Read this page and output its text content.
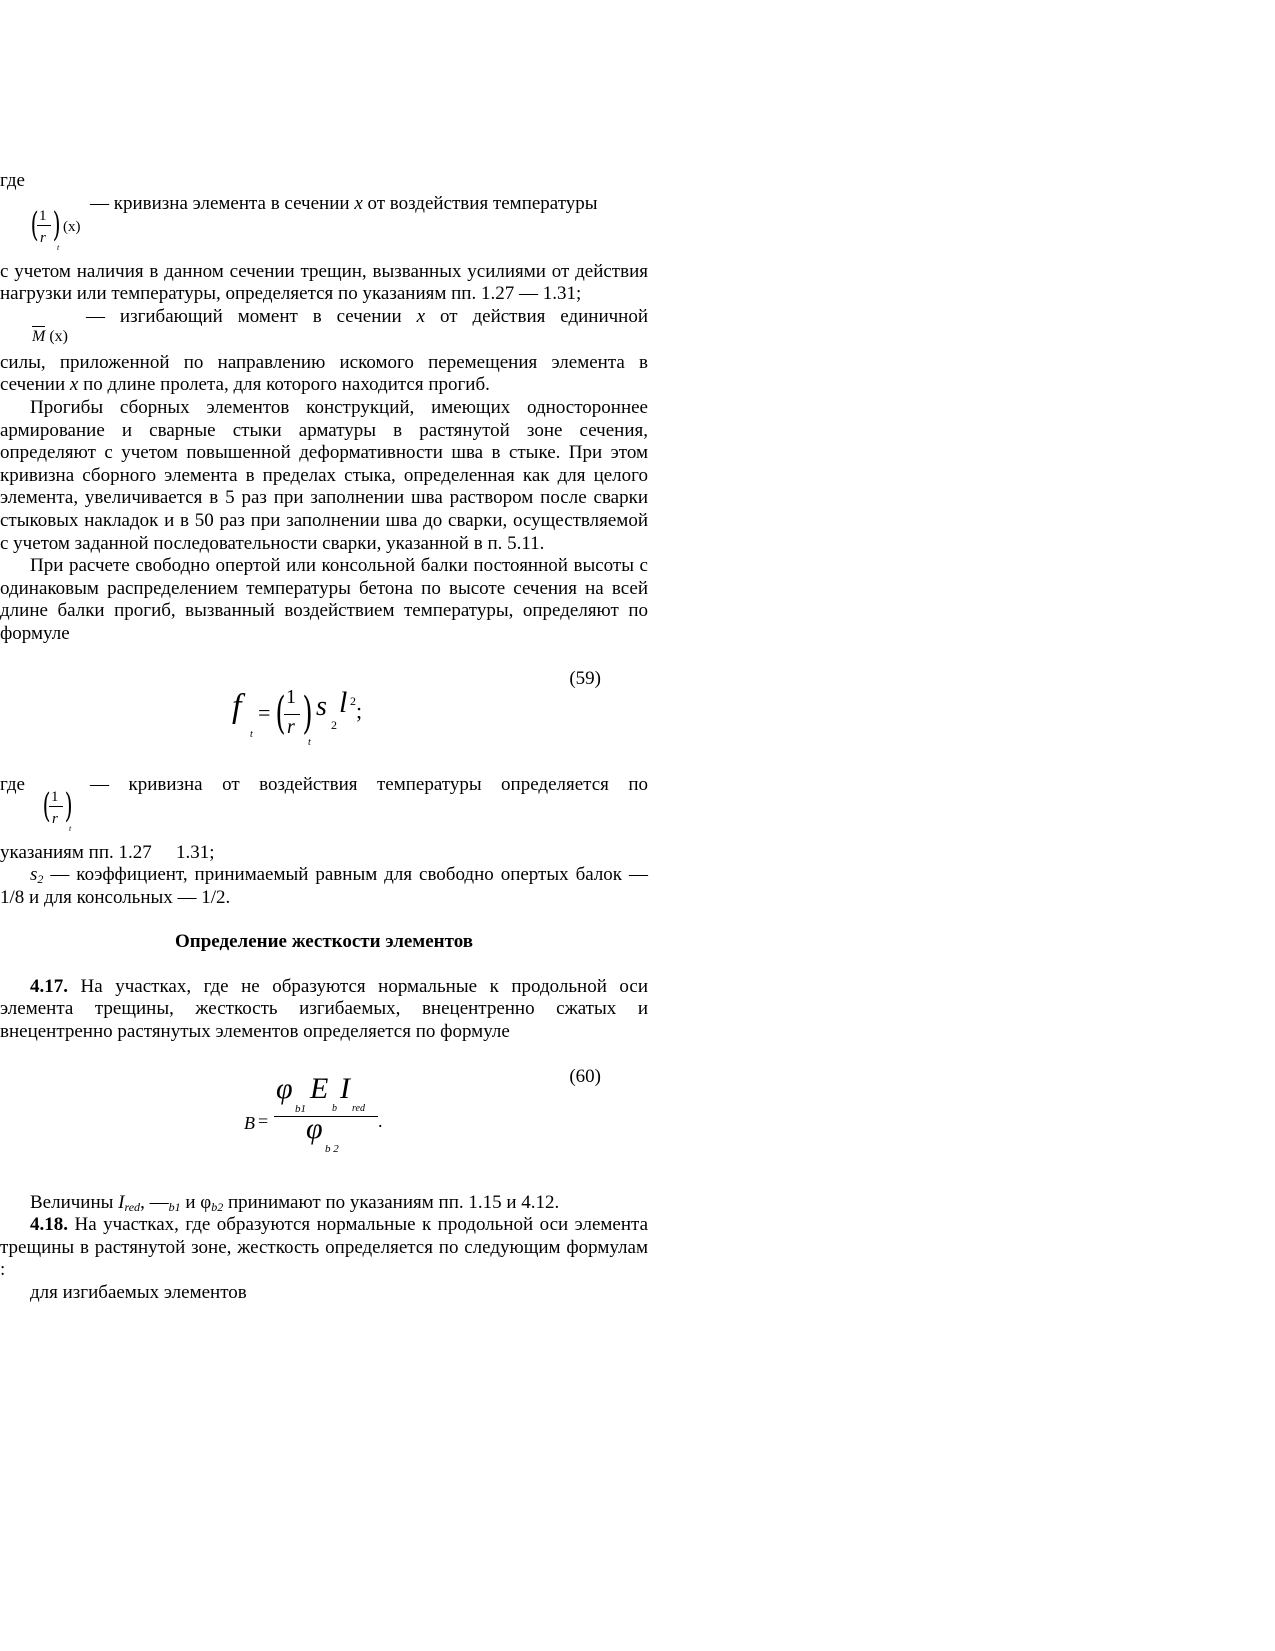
где

— кривизна элемента в сечении x от воздействия температуры
( 1
r )
t
(x)

с учетом наличия в данном сечении трещин, вызванных усилиями от действия нагрузки или температуры, определяется по указаниям пп. 1.27 — 1.31;

— изгибающий момент в сечении x от действия единичной
M (x)

силы, приложенной по направлению искомого перемещения элемента в сечении x по длине пролета, для которого находится прогиб.

Прогибы сборных элементов конструкций, имеющих одностороннее армирование и сварные стыки арматуры в растянутой зоне сечения, определяют с учетом повышенной деформативности шва в стыке. При этом кривизна сборного элемента в пределах стыка, определенная как для целого элемента, увеличивается в 5 раз при заполнении шва раствором после сварки стыковых накладок и в 50 раз при заполнении шва до сварки, осуществляемой с учетом заданной последовательности сварки, указанной в п. 5.11.

При расчете свободно опертой или консольной балки постоянной высоты с одинаковым распределением температуры бетона по высоте сечения на всей длине балки прогиб, вызванный воздействием температуры, определяют по формуле

(59)
f
t
= ( 1
r )
t
s
2
l 2 ;
где	— кривизна от воздействия температуры определяется по
( 1
r )
t

указаниям пп. 1.27   1.31;

$s_2$ — коэффициент, принимаемый равным для свободно опертых балок — 1/8 и для консольных — 1/2.

Определение жесткости элементов

4.17. На участках, где не образуются нормальные к продольной оси элемента трещины, жесткость изгибаемых, внецентренно сжатых и внецентренно растянутых элементов определяется по формуле

(60)
B =
φ
b1
E
b
I
red
.
φ
b 2

Величины $I_{red}$, $—_{b1}$ и $\varphi_{b2}$ принимают по указаниям пп. 1.15 и 4.12.

4.18. На участках, где образуются нормальные к продольной оси элемента трещины в растянутой зоне, жесткость определяется по следующим формулам :

для изгибаемых элементов
